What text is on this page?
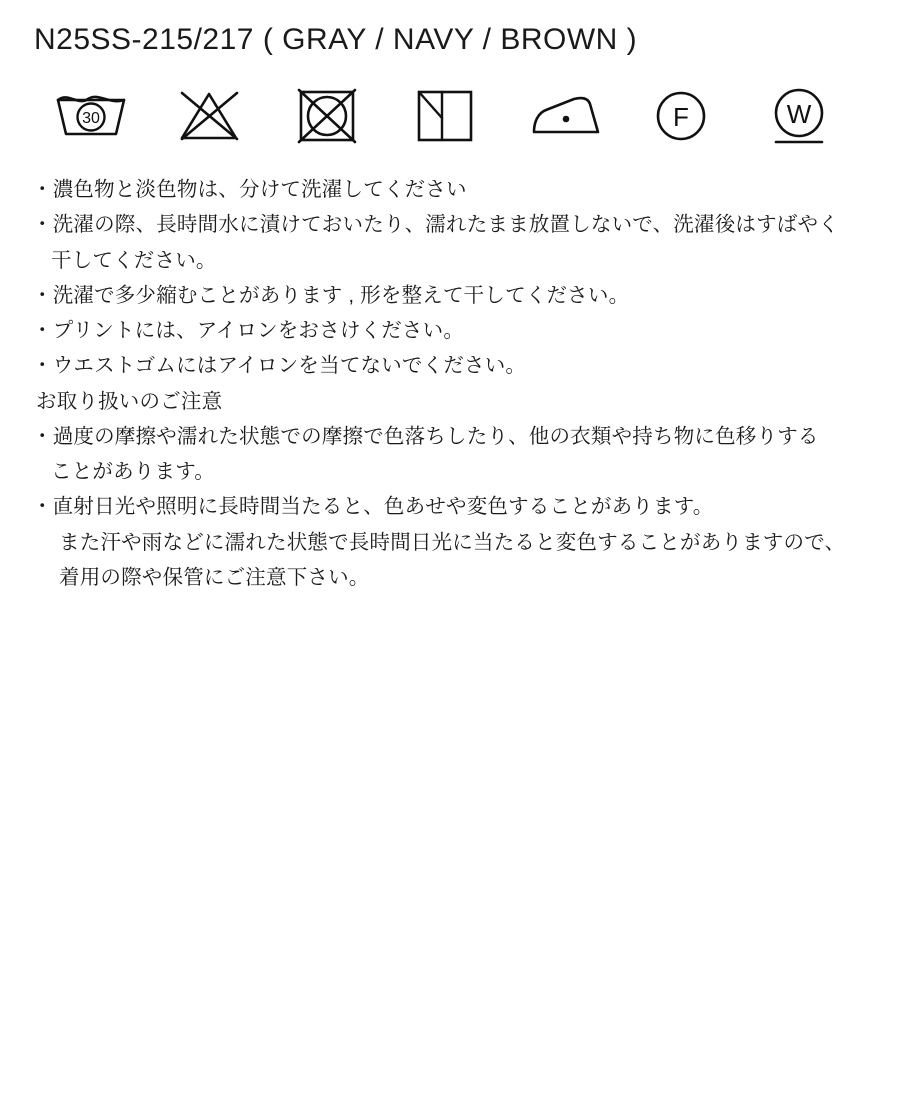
N25SS-215/217 ( GRAY / NAVY / BROWN )
30	F	W
・濃色物と淡色物は、分けて洗濯してください
・洗濯の際、長時間水に漬けておいたり、濡れたまま放置しないで、洗濯後はすばやく
干してください。
・洗濯で多少縮むことがあります , 形を整えて干してください。
・プリントには、アイロンをおさけください。
・ウエストゴムにはアイロンを当てないでください。
お取り扱いのご注意
・過度の摩擦や濡れた状態での摩擦で色落ちしたり、他の衣類や持ち物に色移りする
ことがあります。
・直射日光や照明に長時間当たると、色あせや変色することがあります。
また汗や雨などに濡れた状態で長時間日光に当たると変色することがありますので、
着用の際や保管にご注意下さい。
